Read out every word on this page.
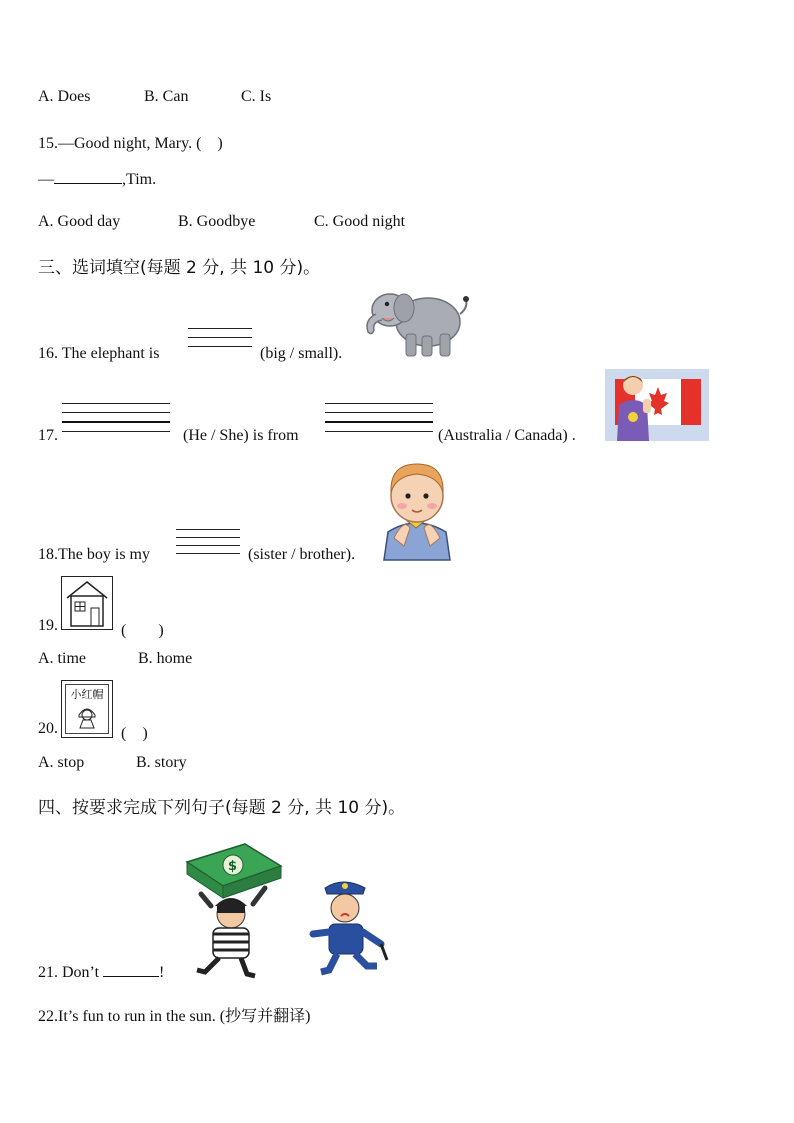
A. Does	B. Can	C. Is
15.—Good night, Mary. (　)
—	,Tim.
A. Good day	B. Goodbye	C. Good night
三、选词填空(每题 2 分, 共 10 分)。
16. The elephant is	(big / small).
17.	(He / She) is from	(Australia / Canada) .
18.The boy is my	(sister / brother).
19.	(　　)
A. time	B. home
20.
小红帽
(　)
A. stop	B. story
四、按要求完成下列句子(每题 2 分, 共 10 分)。
$
21. Don’t	!
22.It’s fun to run in the sun. (抄写并翻译)
